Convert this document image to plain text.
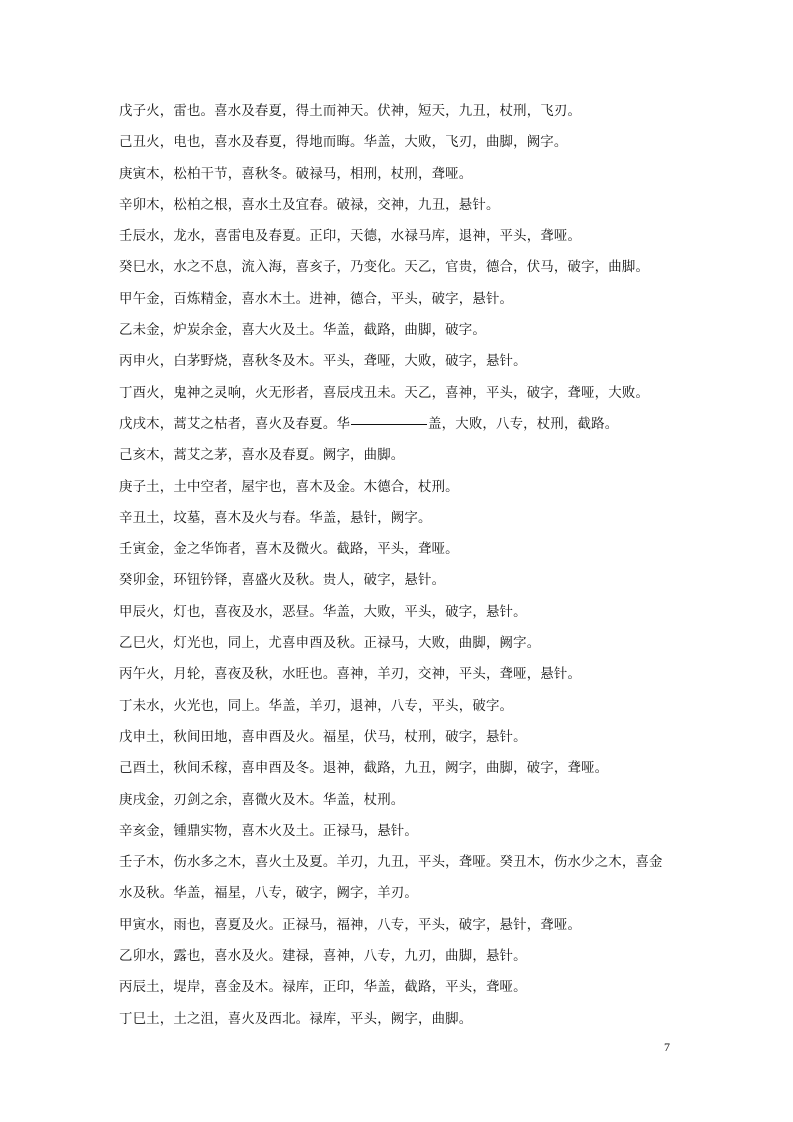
戊子火，雷也。喜水及春夏，得土而神天。伏神，短天，九丑，杖刑，飞刃。
己丑火，电也，喜水及春夏，得地而晦。华盖，大败，飞刃，曲脚，阙字。
庚寅木，松柏干节，喜秋冬。破禄马，相刑，杖刑，聋哑。
辛卯木，松柏之根，喜水土及宜春。破禄，交神，九丑，悬针。
壬辰水，龙水，喜雷电及春夏。正印，天德，水禄马库，退神，平头，聋哑。
癸巳水，水之不息，流入海，喜亥子，乃变化。天乙，官贵，德合，伏马，破字，曲脚。
甲午金，百炼精金，喜水木土。进神，德合，平头，破字，悬针。
乙未金，炉炭余金，喜大火及土。华盖，截路，曲脚，破字。
丙申火，白茅野烧，喜秋冬及木。平头，聋哑，大败，破字，悬针。
丁酉火，鬼神之灵响，火无形者，喜辰戌丑未。天乙，喜神，平头，破字，聋哑，大败。
戊戌木，蒿艾之枯者，喜火及春夏。华	盖，大败，八专，杖刑，截路。
己亥木，蒿艾之茅，喜水及春夏。阙字，曲脚。
庚子土，土中空者，屋宇也，喜木及金。木德合，杖刑。
辛丑土，坟墓，喜木及火与春。华盖，悬针，阙字。
壬寅金，金之华饰者，喜木及微火。截路，平头，聋哑。
癸卯金，环钮钤铎，喜盛火及秋。贵人，破字，悬针。
甲辰火，灯也，喜夜及水，恶昼。华盖，大败，平头，破字，悬针。
乙巳火，灯光也，同上，尤喜申酉及秋。正禄马，大败，曲脚，阙字。
丙午火，月轮，喜夜及秋，水旺也。喜神，羊刃，交神，平头，聋哑，悬针。
丁未水，火光也，同上。华盖，羊刃，退神，八专，平头，破字。
戊申土，秋间田地，喜申酉及火。福星，伏马，杖刑，破字，悬针。
己酉土，秋间禾稼，喜申酉及冬。退神，截路，九丑，阙字，曲脚，破字，聋哑。
庚戌金，刃剑之余，喜微火及木。华盖，杖刑。
辛亥金，锺鼎实物，喜木火及土。正禄马，悬针。
壬子木，伤水多之木，喜火土及夏。羊刃，九丑，平头，聋哑。癸丑木，伤水少之木，喜金
水及秋。华盖，福星，八专，破字，阙字，羊刃。
甲寅水，雨也，喜夏及火。正禄马，福神，八专，平头，破字，悬针，聋哑。
乙卯水，露也，喜水及火。建禄，喜神，八专，九刃，曲脚，悬针。
丙辰土，堤岸，喜金及木。禄库，正印，华盖，截路，平头，聋哑。
丁巳土，土之沮，喜火及西北。禄库，平头，阙字，曲脚。
7
